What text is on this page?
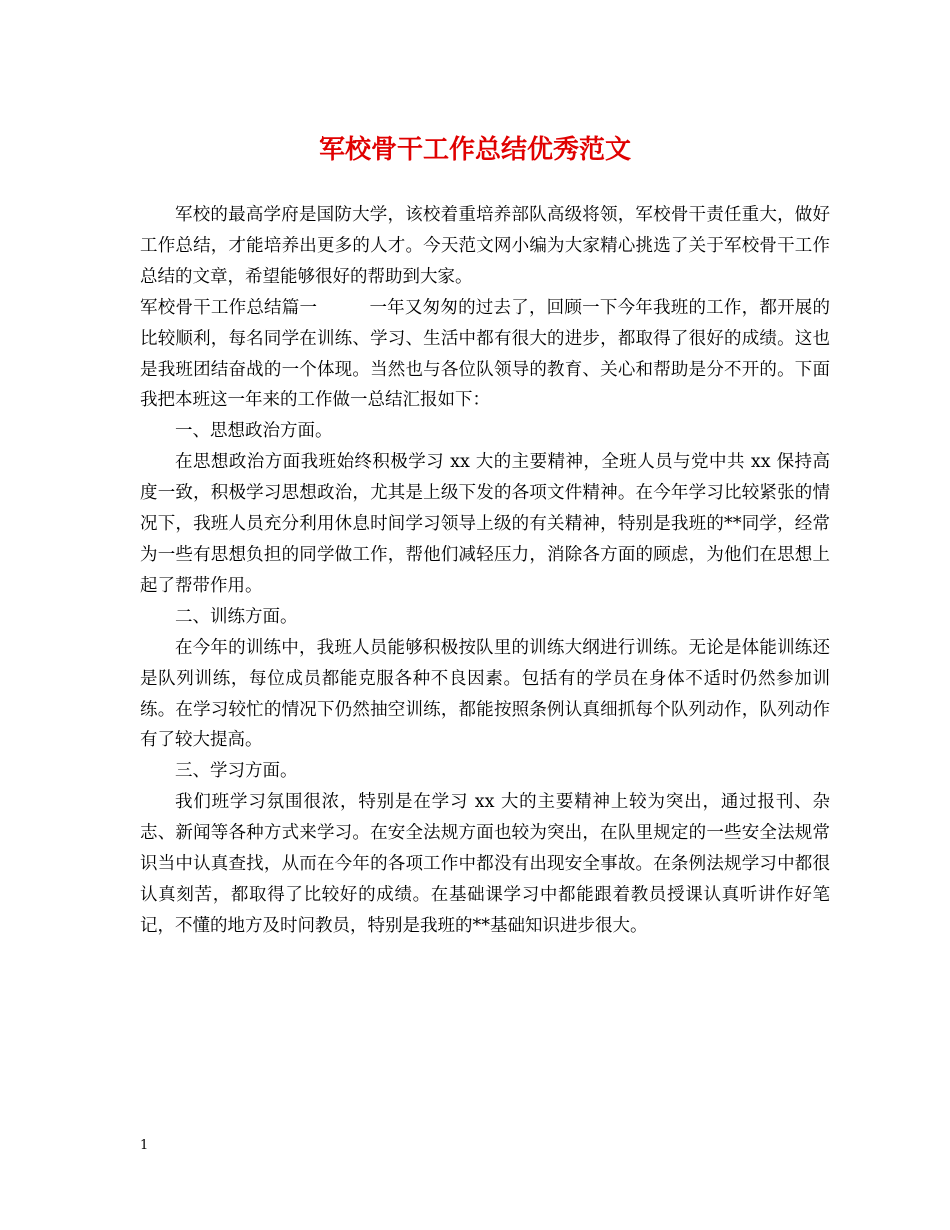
军校骨干工作总结优秀范文

军校的最高学府是国防大学，该校着重培养部队高级将领，军校骨干责任重大，做好工作总结，才能培养出更多的人才。今天范文网小编为大家精心挑选了关于军校骨干工作总结的文章，希望能够很好的帮助到大家。

军校骨干工作总结篇一	一年又匆匆的过去了，回顾一下今年我班的工作，都开展的比较顺利，每名同学在训练、学习、生活中都有很大的进步，都取得了很好的成绩。这也是我班团结奋战的一个体现。当然也与各位队领导的教育、关心和帮助是分不开的。下面我把本班这一年来的工作做一总结汇报如下：

一、思想政治方面。

在思想政治方面我班始终积极学习 xx 大的主要精神，全班人员与党中共 xx 保持高度一致，积极学习思想政治，尤其是上级下发的各项文件精神。在今年学习比较紧张的情况下，我班人员充分利用休息时间学习领导上级的有关精神，特别是我班的**同学，经常为一些有思想负担的同学做工作，帮他们减轻压力，消除各方面的顾虑，为他们在思想上起了帮带作用。

二、训练方面。

在今年的训练中，我班人员能够积极按队里的训练大纲进行训练。无论是体能训练还是队列训练，每位成员都能克服各种不良因素。包括有的学员在身体不适时仍然参加训练。在学习较忙的情况下仍然抽空训练，都能按照条例认真细抓每个队列动作，队列动作有了较大提高。

三、学习方面。

我们班学习氛围很浓，特别是在学习 xx 大的主要精神上较为突出，通过报刊、杂志、新闻等各种方式来学习。在安全法规方面也较为突出，在队里规定的一些安全法规常识当中认真查找，从而在今年的各项工作中都没有出现安全事故。在条例法规学习中都很认真刻苦，都取得了比较好的成绩。在基础课学习中都能跟着教员授课认真听讲作好笔记，不懂的地方及时问教员，特别是我班的**基础知识进步很大。

1
